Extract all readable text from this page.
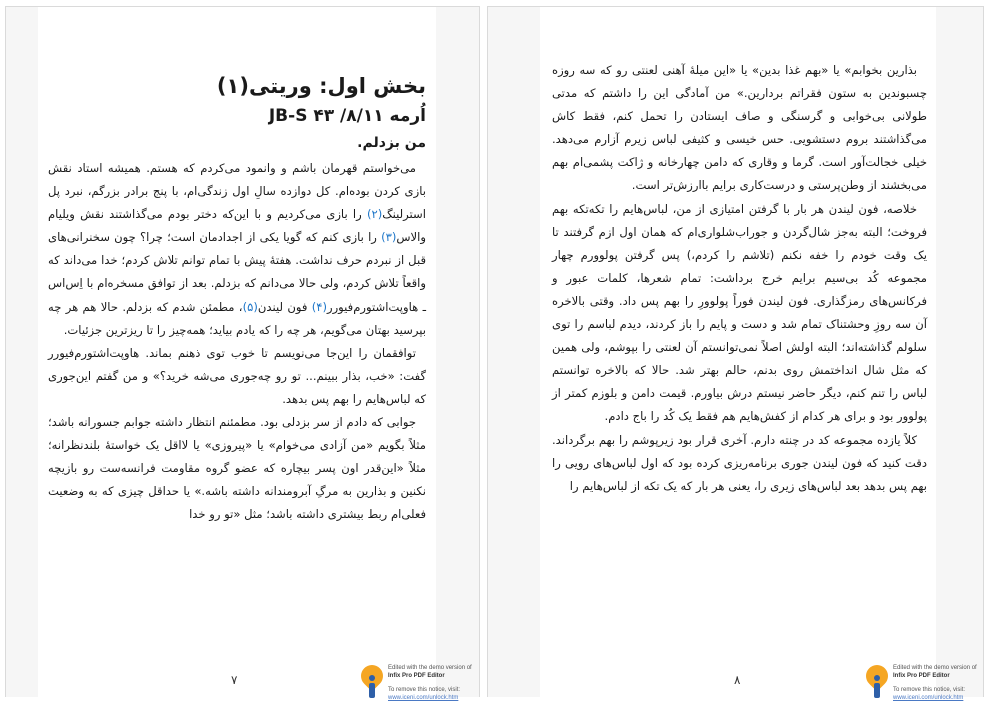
بخش اول: وریتی(۱)
اُرمه ۸/۱۱/ ۴۳ JB-S
من بزدلم.

می‌خواستم قهرمان باشم و وانمود می‌کردم که هستم. همیشه استاد نقش بازی کردن بوده‌ام. کل دوازده سالِ اول زندگی‌ام، با پنج برادر بزرگم، نبرد پل استرلینگ(۲) را بازی می‌کردیم و با این‌که دختر بودم می‌گذاشتند نقش ویلیام والاس(۳) را بازی کنم که گویا یکی از اجدادمان است؛ چرا؟ چون سخنرانی‌های قبل از نبردم حرف نداشت. هفتهٔ پیش با تمام توانم تلاش کردم؛ خدا می‌داند که واقعاً تلاش کردم، ولی حالا می‌دانم که بزدلم. بعد از توافق مسخره‌ام با اِس‌اس ـ هاوپت‌اشتورم‌فیورر(۴) فون لیندن(۵)، مطمئن شدم که بزدلم. حالا هم هر چه بپرسید بهتان می‌گویم، هر چه را که یادم بیاید؛ همه‌چیز را تا ریزترین جزئیات.

توافقمان را این‌جا می‌نویسم تا خوب توی ذهنم بماند. هاوپت‌اشتورم‌فیورر گفت: «خب، بذار ببینم... تو رو چه‌جوری می‌شه خرید؟» و من گفتم این‌جوری که لباس‌هایم را بهم پس بدهد.

جوابی که دادم از سر بزدلی بود. مطمئنم انتظار داشته جوابم جسورانه باشد؛ مثلاً بگویم «من آزادی می‌خوام» یا «پیروزی» یا لااقل یک خواستهٔ بلندنظرانه؛ مثلاً «این‌قدر اون پسر بیچاره که عضو گروه مقاومت فرانسه‌ست رو بازیچه نکنین و بذارین به مرگِ آبرومندانه داشته باشه.» یا حداقل چیزی که به وضعیت فعلی‌ام ربط بیشتری داشته باشد؛ مثل «تو رو خدا

۷
Edited with the demo version of
Infix Pro PDF Editor
To remove this notice, visit:
www.iceni.com/unlock.htm

بذارین بخوابم» یا «بهم غذا بدین» یا «این میلهٔ آهنی لعنتی رو که سه روزه چسبوندین به ستون فقراتم بردارین.» من آمادگی این را داشتم که مدتی طولانی بی‌خوابی و گرسنگی و صاف ایستادن را تحمل کنم، فقط کاش می‌گذاشتند بروم دستشویی. حس خیسی و کثیفی لباس زیرم آزارم می‌دهد. خیلی خجالت‌آور است. گرما و وقاری که دامن چهارخانه و ژاکت پشمی‌ام بهم می‌بخشند از وطن‌پرستی و درست‌کاری برایم باارزش‌تر است.

خلاصه، فون لیندن هر بار با گرفتن امتیازی از من، لباس‌هایم را تکه‌تکه بهم فروخت؛ البته به‌جز شال‌گردن و جوراب‌شلواری‌ام که همان اول ازم گرفتند تا یک وقت خودم را خفه نکنم (تلاشم را کردم،) پس گرفتن پولوورم چهار مجموعه کُد بی‌سیم برایم خرج برداشت: تمام شعرها، کلمات عبور و فرکانس‌های رمزگذاری. فون لیندن فوراً پولوورِ را بهم پس داد. وقتی بالاخره آن سه روزِ وحشتناک تمام شد و دست و پایم را باز کردند، دیدم لباسم را توی سلولم گذاشته‌اند؛ البته اولش اصلاً نمی‌توانستم آن لعنتی را بپوشم، ولی همین که مثل شال انداختمش روی بدنم، حالم بهتر شد. حالا که بالاخره توانستم لباس را تنم کنم، دیگر حاضر نیستم درش بیاورم. قیمت دامن و بلوزم کمتر از پولوور بود و برای هر کدام از کفش‌هایم هم فقط یک کُد را باج دادم.

کلاً یازده مجموعه کد در چنته دارم. آخری قرار بود زیرپوشم را بهم برگرداند. دقت کنید که فون لیندن جوری برنامه‌ریزی کرده بود که اول لباس‌های رویی را بهم پس بدهد بعد لباس‌های زیری را، یعنی هر بار که یک تکه از لباس‌هایم را

۸
Edited with the demo version of
Infix Pro PDF Editor
To remove this notice, visit:
www.iceni.com/unlock.htm
